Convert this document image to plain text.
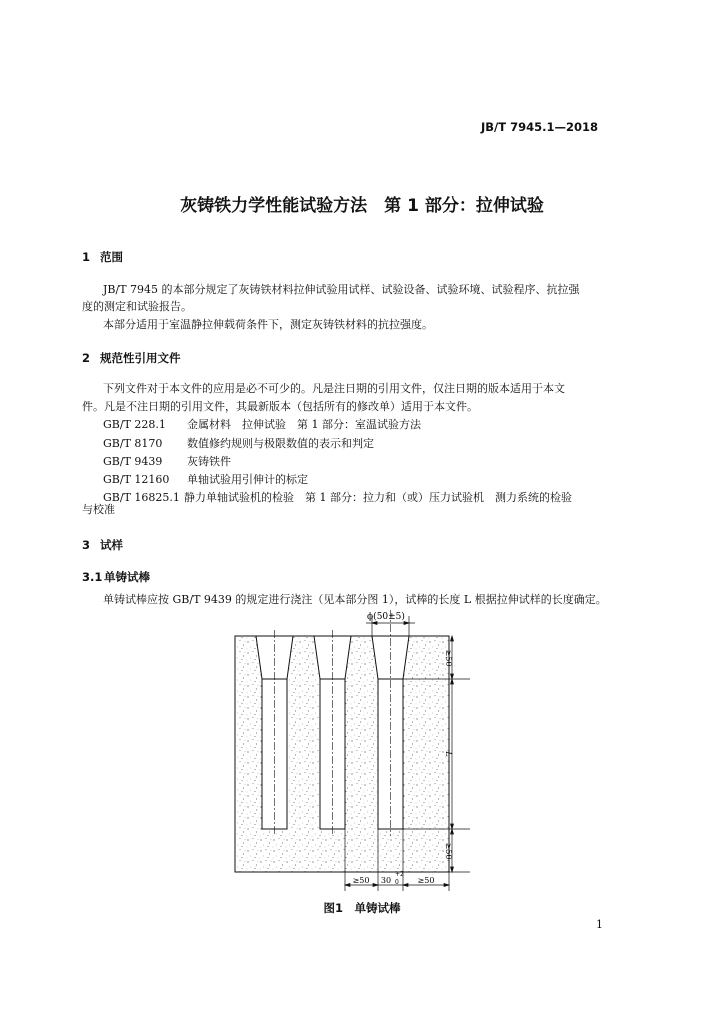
JB/T 7945.1—2018
灰铸铁力学性能试验方法　第 1 部分：拉伸试验
1 范围
JB/T 7945 的本部分规定了灰铸铁材料拉伸试验用试样、试验设备、试验环境、试验程序、抗拉强
度的测定和试验报告。
本部分适用于室温静拉伸载荷条件下，测定灰铸铁材料的抗拉强度。
2 规范性引用文件
下列文件对于本文件的应用是必不可少的。凡是注日期的引用文件，仅注日期的版本适用于本文
件。凡是不注日期的引用文件，其最新版本（包括所有的修改单）适用于本文件。
GB/T 228.1 金属材料　拉伸试验　第 1 部分：室温试验方法
GB/T 8170 数值修约规则与极限数值的表示和判定
GB/T 9439 灰铸铁件
GB/T 12160 单轴试验用引伸计的标定
GB/T 16825.1 静力单轴试验机的检验　第 1 部分：拉力和（或）压力试验机　测力系统的检验
与校准
3 试样
3.1 单铸试棒
单铸试棒应按 GB/T 9439 的规定进行浇注（见本部分图 1），试棒的长度 L 根据拉伸试样的长度确定。
ϕ(50±5)
≥50
L
≥50
≥50 30
+2
0 ≥50
图1　单铸试棒
1
